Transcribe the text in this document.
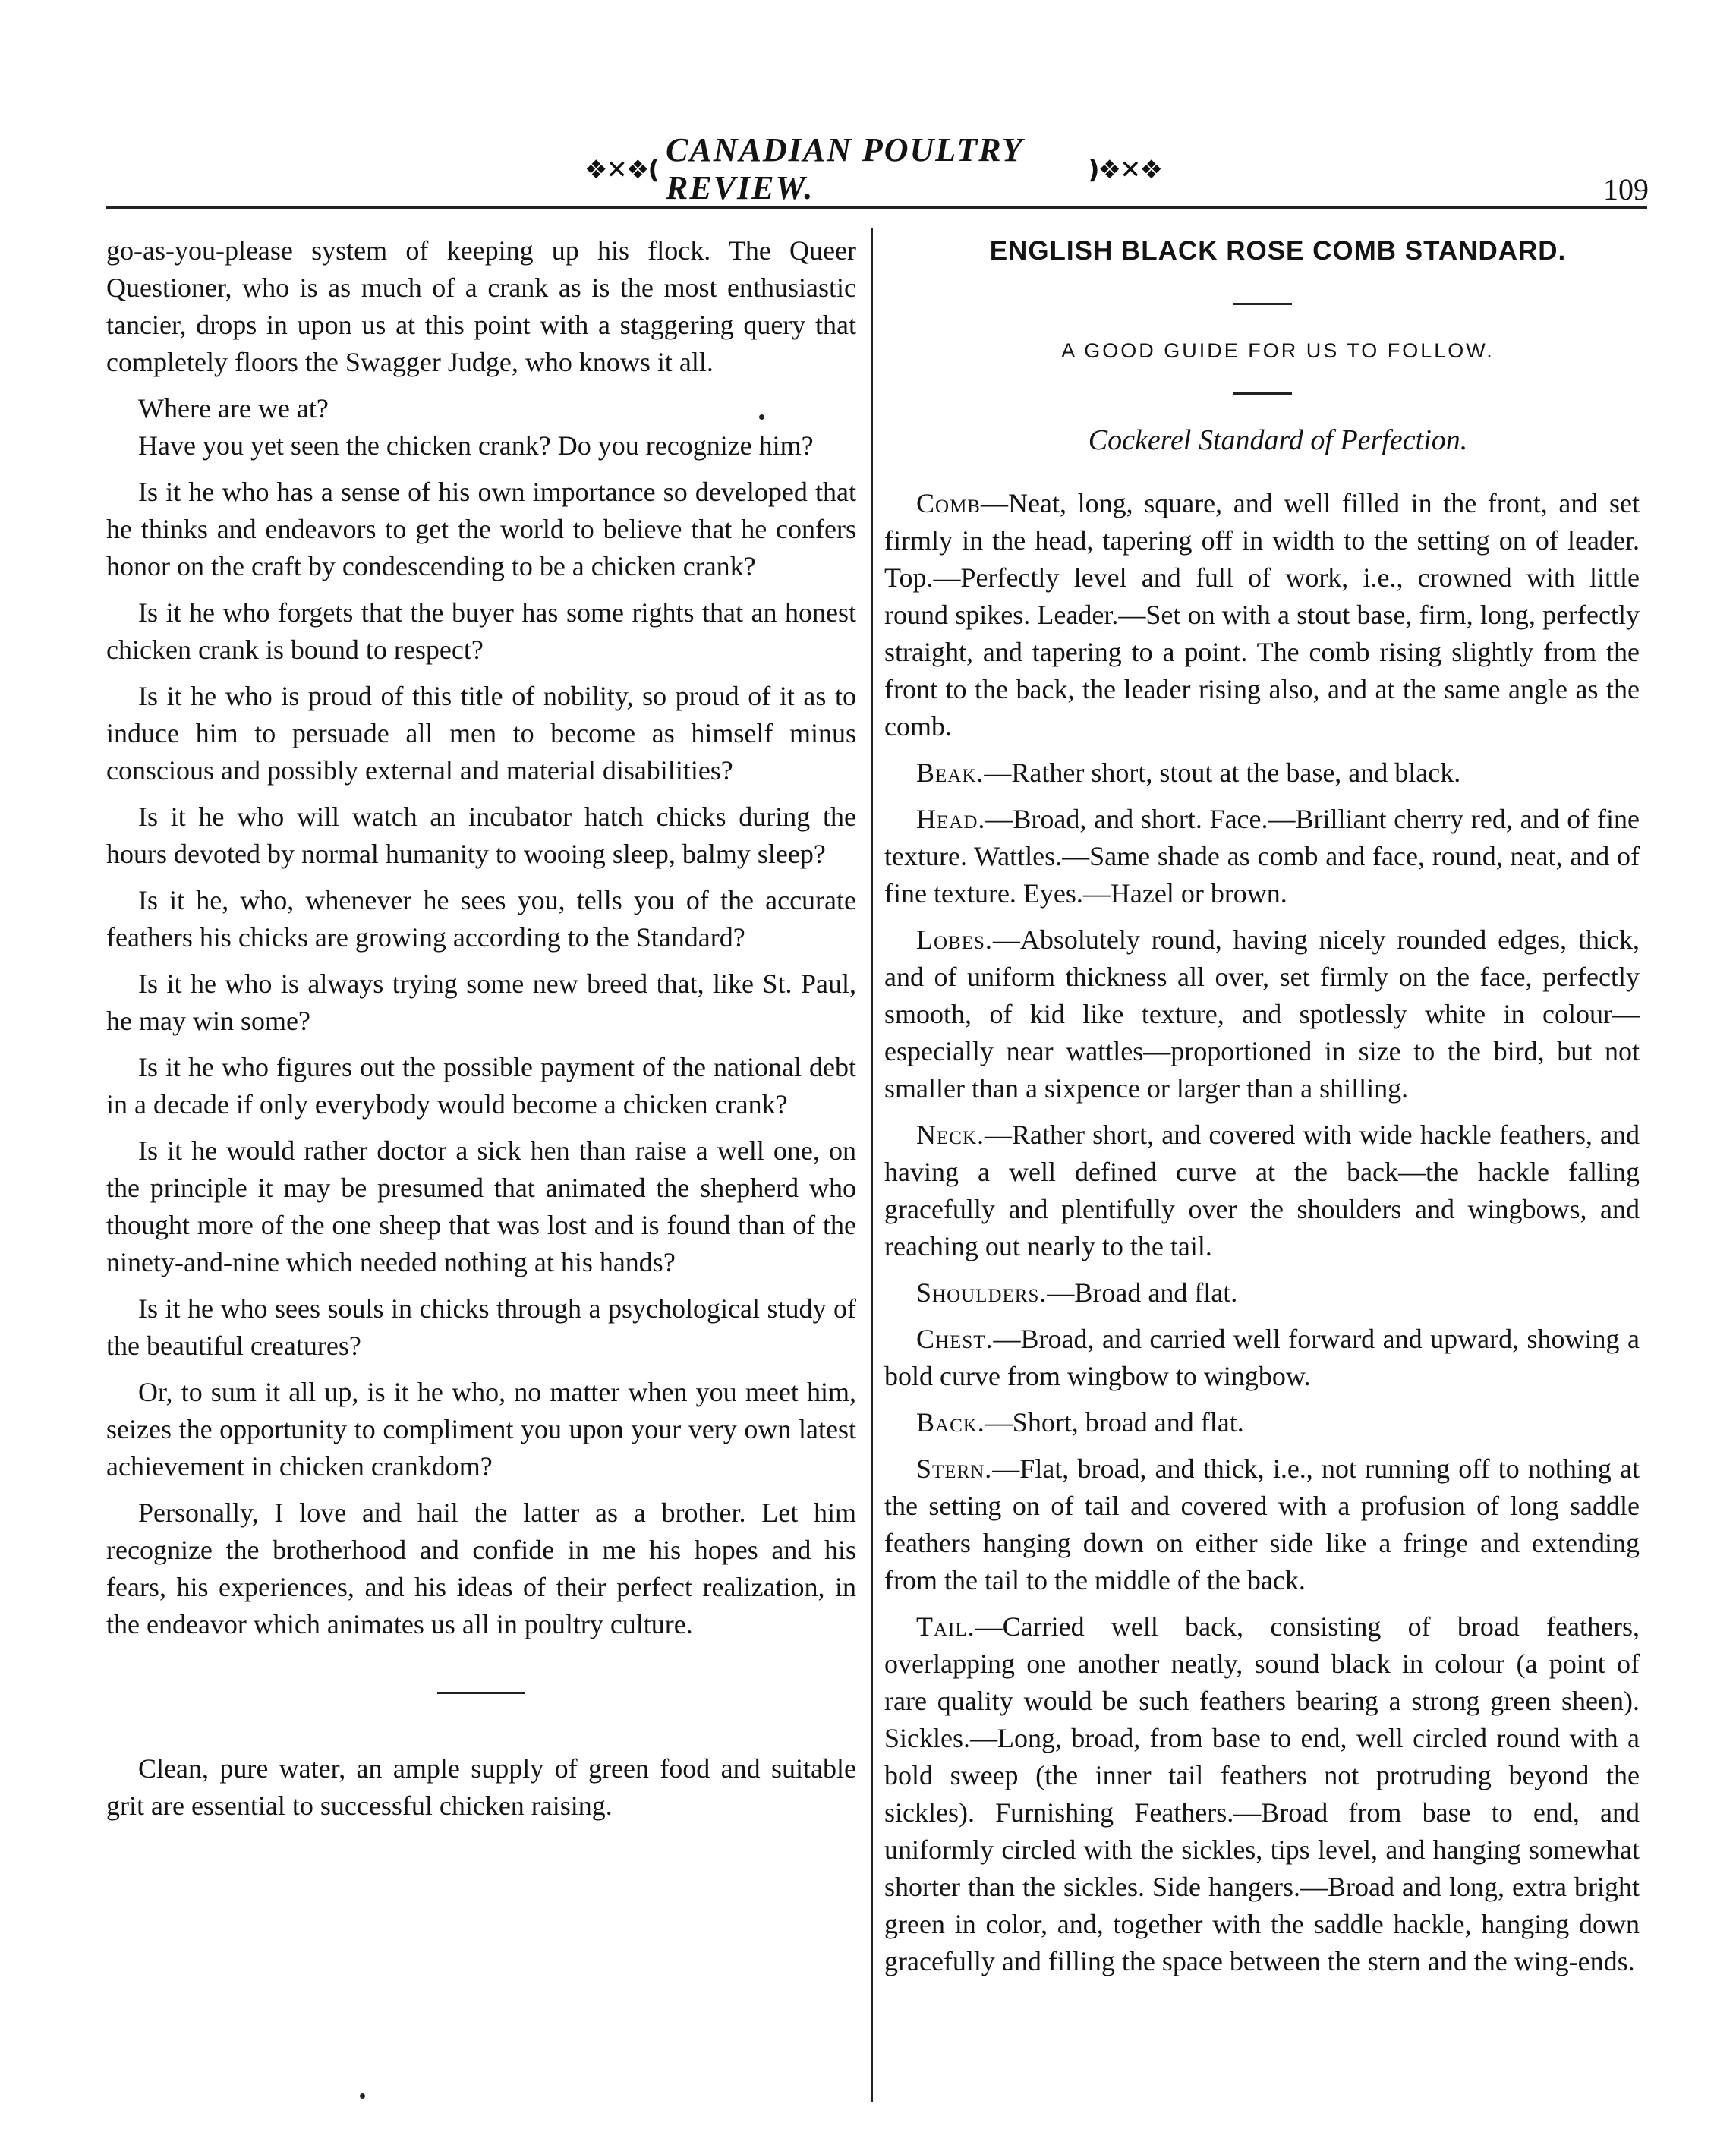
❖✕❖(
CANADIAN POULTRY REVIEW.	)❖✕❖
109

go-as-you-please system of keeping up his flock. The Queer Questioner, who is as much of a crank as is the most enthusiastic tancier, drops in upon us at this point with a staggering query that completely floors the Swagger Judge, who knows it all.

Where are we at?

Have you yet seen the chicken crank? Do you recognize him?

Is it he who has a sense of his own importance so developed that he thinks and endeavors to get the world to believe that he confers honor on the craft by condescending to be a chicken crank?

Is it he who forgets that the buyer has some rights that an honest chicken crank is bound to respect?

Is it he who is proud of this title of nobility, so proud of it as to induce him to persuade all men to become as himself minus conscious and possibly external and material disabilities?

Is it he who will watch an incubator hatch chicks during the hours devoted by normal humanity to wooing sleep, balmy sleep?

Is it he, who, whenever he sees you, tells you of the accurate feathers his chicks are growing according to the Standard?

Is it he who is always trying some new breed that, like St. Paul, he may win some?

Is it he who figures out the possible payment of the national debt in a decade if only everybody would become a chicken crank?

Is it he would rather doctor a sick hen than raise a well one, on the principle it may be presumed that animated the shepherd who thought more of the one sheep that was lost and is found than of the ninety-and-nine which needed nothing at his hands?

Is it he who sees souls in chicks through a psychological study of the beautiful creatures?

Or, to sum it all up, is it he who, no matter when you meet him, seizes the opportunity to compliment you upon your very own latest achievement in chicken crankdom?

Personally, I love and hail the latter as a brother. Let him recognize the brotherhood and confide in me his hopes and his fears, his experiences, and his ideas of their perfect realization, in the endeavor which animates us all in poultry culture.

Clean, pure water, an ample supply of green food and suitable grit are essential to successful chicken raising.

ENGLISH BLACK ROSE COMB STANDARD.

A GOOD GUIDE FOR US TO FOLLOW.

Cockerel Standard of Perfection.

Comb—Neat, long, square, and well filled in the front, and set firmly in the head, tapering off in width to the setting on of leader. Top.—Perfectly level and full of work, i.e., crowned with little round spikes. Leader.—Set on with a stout base, firm, long, perfectly straight, and tapering to a point. The comb rising slightly from the front to the back, the leader rising also, and at the same angle as the comb.

Beak.—Rather short, stout at the base, and black.

Head.—Broad, and short. Face.—Brilliant cherry red, and of fine texture. Wattles.—Same shade as comb and face, round, neat, and of fine texture. Eyes.—Hazel or brown.

Lobes.—Absolutely round, having nicely rounded edges, thick, and of uniform thickness all over, set firmly on the face, perfectly smooth, of kid like texture, and spotlessly white in colour—especially near wattles—proportioned in size to the bird, but not smaller than a sixpence or larger than a shilling.

Neck.—Rather short, and covered with wide hackle feathers, and having a well defined curve at the back—the hackle falling gracefully and plentifully over the shoulders and wingbows, and reaching out nearly to the tail.

Shoulders.—Broad and flat.

Chest.—Broad, and carried well forward and upward, showing a bold curve from wingbow to wingbow.

Back.—Short, broad and flat.

Stern.—Flat, broad, and thick, i.e., not running off to nothing at the setting on of tail and covered with a profusion of long saddle feathers hanging down on either side like a fringe and extending from the tail to the middle of the back.

Tail.—Carried well back, consisting of broad feathers, overlapping one another neatly, sound black in colour (a point of rare quality would be such feathers bearing a strong green sheen). Sickles.—Long, broad, from base to end, well circled round with a bold sweep (the inner tail feathers not protruding beyond the sickles). Furnishing Feathers.—Broad from base to end, and uniformly circled with the sickles, tips level, and hanging somewhat shorter than the sickles. Side hangers.—Broad and long, extra bright green in color, and, together with the saddle hackle, hanging down gracefully and filling the space between the stern and the wing-ends.
